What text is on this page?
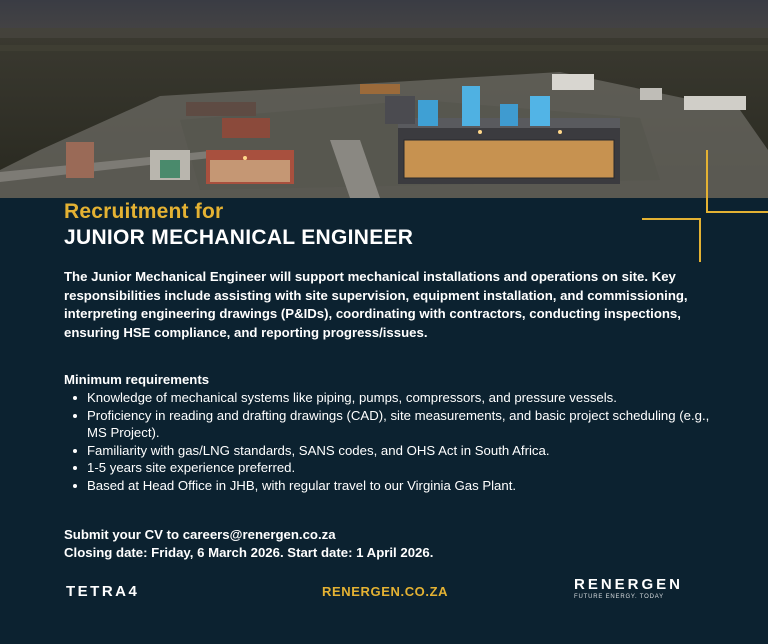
Recruitment for
JUNIOR MECHANICAL ENGINEER
The Junior Mechanical Engineer will support mechanical installations and operations on site. Key responsibilities include assisting with site supervision, equipment installation, and commissioning, interpreting engineering drawings (P&IDs), coordinating with contractors, conducting inspections, ensuring HSE compliance, and reporting progress/issues.
Minimum requirements
Knowledge of mechanical systems like piping, pumps, compressors, and pressure vessels.
Proficiency in reading and drafting drawings (CAD), site measurements, and basic project scheduling (e.g., MS Project).
Familiarity with gas/LNG standards, SANS codes, and OHS Act in South Africa.
1-5 years site experience preferred.
Based at Head Office in JHB, with regular travel to our Virginia Gas Plant.
Submit your CV to careers@renergen.co.za
Closing date: Friday, 6 March 2026. Start date: 1 April 2026.
TETRA4	RENERGEN.CO.ZA	RENERGEN
FUTURE ENERGY. TODAY
